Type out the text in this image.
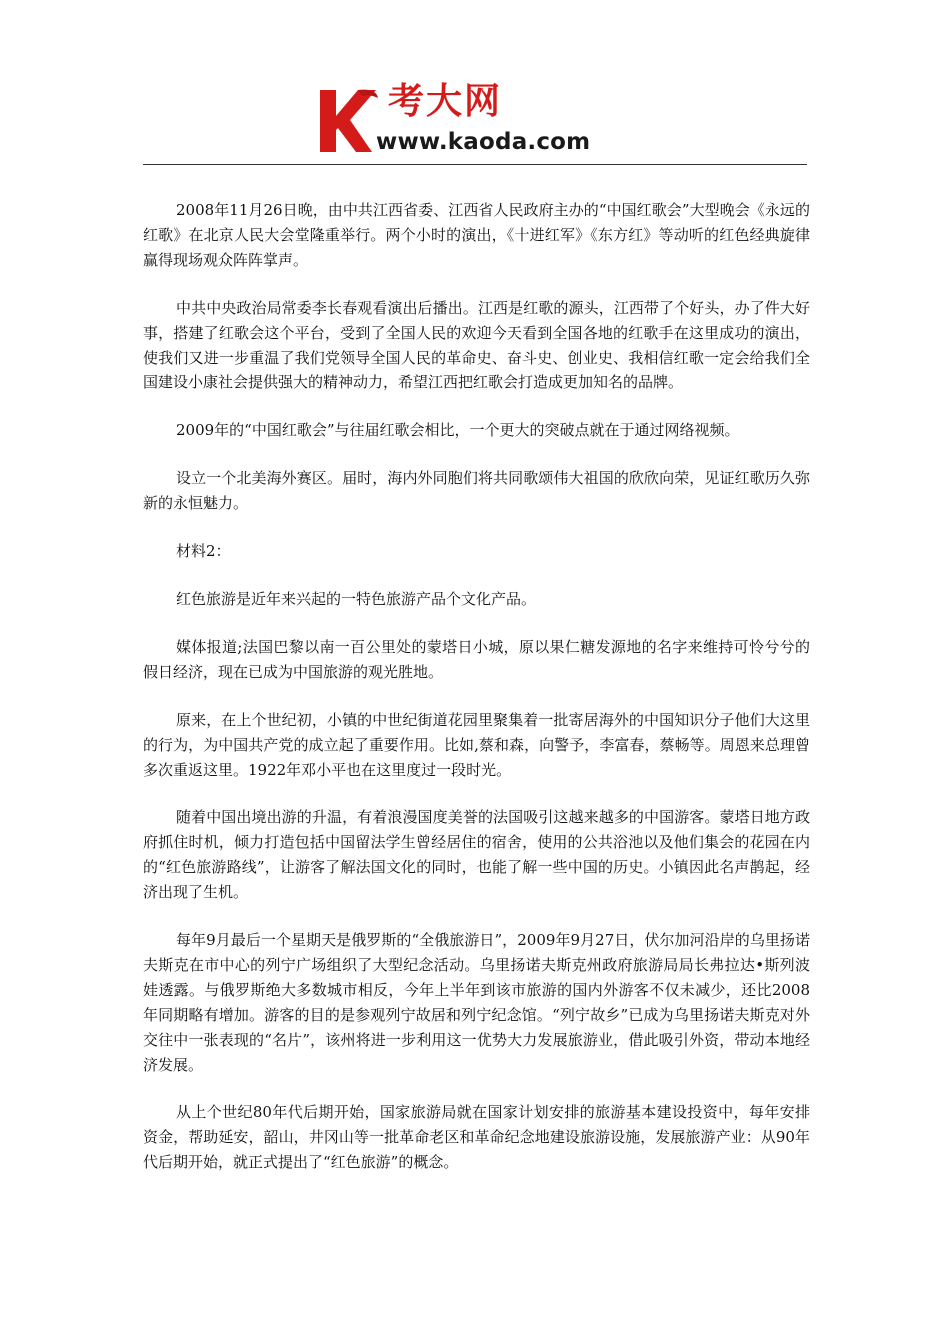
考大网
www.kaoda.com

2008年11月26日晚，由中共江西省委、江西省人民政府主办的“中国红歌会”大型晚会《永远的红歌》在北京人民大会堂隆重举行。两个小时的演出，《十进红军》《东方红》等动听的红色经典旋律赢得现场观众阵阵掌声。

中共中央政治局常委李长春观看演出后播出。江西是红歌的源头，江西带了个好头，办了件大好事，搭建了红歌会这个平台，受到了全国人民的欢迎今天看到全国各地的红歌手在这里成功的演出，使我们又进一步重温了我们党领导全国人民的革命史、奋斗史、创业史、我相信红歌一定会给我们全国建设小康社会提供强大的精神动力，希望江西把红歌会打造成更加知名的品牌。

2009年的“中国红歌会”与往届红歌会相比，一个更大的突破点就在于通过网络视频。

设立一个北美海外赛区。届时，海内外同胞们将共同歌颂伟大祖国的欣欣向荣，见证红歌历久弥新的永恒魅力。

材料2：

红色旅游是近年来兴起的一特色旅游产品个文化产品。

媒体报道;法国巴黎以南一百公里处的蒙塔日小城，原以果仁糖发源地的名字来维持可怜兮兮的假日经济，现在已成为中国旅游的观光胜地。

原来，在上个世纪初，小镇的中世纪街道花园里聚集着一批寄居海外的中国知识分子他们大这里的行为，为中国共产党的成立起了重要作用。比如,蔡和森，向警予，李富春，蔡畅等。周恩来总理曾多次重返这里。1922年邓小平也在这里度过一段时光。

随着中国出境出游的升温，有着浪漫国度美誉的法国吸引这越来越多的中国游客。蒙塔日地方政府抓住时机，倾力打造包括中国留法学生曾经居住的宿舍，使用的公共浴池以及他们集会的花园在内的“红色旅游路线”，让游客了解法国文化的同时，也能了解一些中国的历史。小镇因此名声鹊起，经济出现了生机。

每年9月最后一个星期天是俄罗斯的“全俄旅游日”，2009年9月27日，伏尔加河沿岸的乌里扬诺夫斯克在市中心的列宁广场组织了大型纪念活动。乌里扬诺夫斯克州政府旅游局局长弗拉达•斯列波娃透露。与俄罗斯绝大多数城市相反，今年上半年到该市旅游的国内外游客不仅未减少，还比2008年同期略有增加。游客的目的是参观列宁故居和列宁纪念馆。“列宁故乡”已成为乌里扬诺夫斯克对外交往中一张表现的“名片”，该州将进一步利用这一优势大力发展旅游业，借此吸引外资，带动本地经济发展。

从上个世纪80年代后期开始，国家旅游局就在国家计划安排的旅游基本建设投资中，每年安排资金，帮助延安，韶山，井冈山等一批革命老区和革命纪念地建设旅游设施，发展旅游产业：从90年代后期开始，就正式提出了“红色旅游”的概念。
